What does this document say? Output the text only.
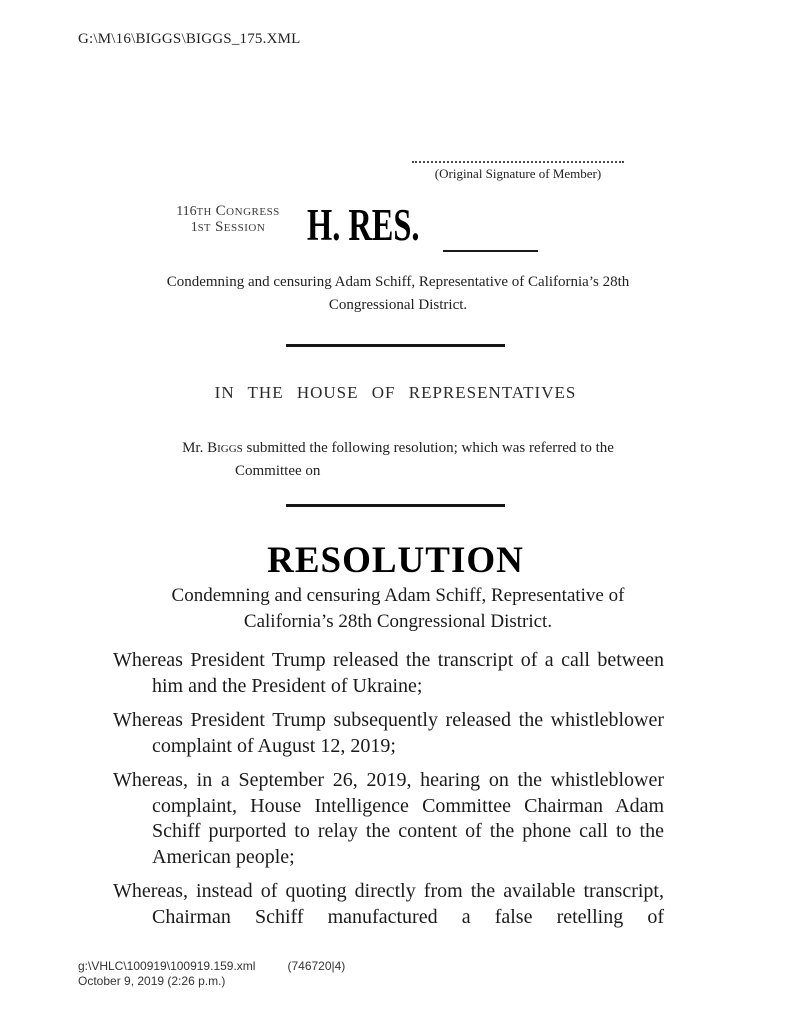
G:\M\16\BIGGS\BIGGS_175.XML
(Original Signature of Member)
116TH Congress
1ST Session H. RES.
Condemning and censuring Adam Schiff, Representative of California’s 28th Congressional District.
IN THE HOUSE OF REPRESENTATIVES
Mr. Biggs submitted the following resolution; which was referred to the
Committee on
RESOLUTION
Condemning and censuring Adam Schiff, Representative of California’s 28th Congressional District.

Whereas President Trump released the transcript of a call between him and the President of Ukraine;

Whereas President Trump subsequently released the whistleblower complaint of August 12, 2019;

Whereas, in a September 26, 2019, hearing on the whistleblower complaint, House Intelligence Committee Chairman Adam Schiff purported to relay the content of the phone call to the American people;

Whereas, instead of quoting directly from the available transcript, Chairman Schiff manufactured a false retelling of

g:\VHLC\100919\100919.159.xml	(746720|4)
October 9, 2019 (2:26 p.m.)
